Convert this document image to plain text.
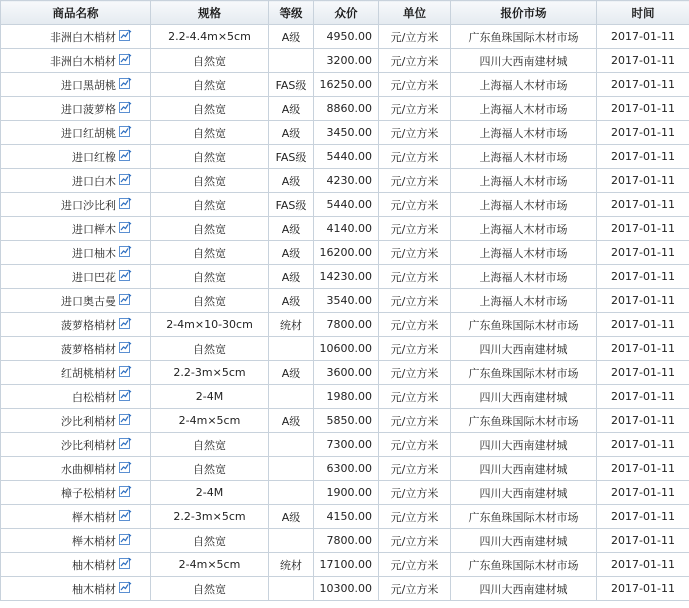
商品名称	规格	等级	众价	单位	报价市场	时间
非洲白木梢材	2.2-4.4m×5cm	A级	4950.00	元/立方米	广东鱼珠国际木材市场	2017-01-11
非洲白木梢材	自然宽		3200.00	元/立方米	四川大西南建材城	2017-01-11
进口黑胡桃	自然宽	FAS级	16250.00	元/立方米	上海福人木材市场	2017-01-11
进口菠萝格	自然宽	A级	8860.00	元/立方米	上海福人木材市场	2017-01-11
进口红胡桃	自然宽	A级	3450.00	元/立方米	上海福人木材市场	2017-01-11
进口红橡	自然宽	FAS级	5440.00	元/立方米	上海福人木材市场	2017-01-11
进口白木	自然宽	A级	4230.00	元/立方米	上海福人木材市场	2017-01-11
进口沙比利	自然宽	FAS级	5440.00	元/立方米	上海福人木材市场	2017-01-11
进口榉木	自然宽	A级	4140.00	元/立方米	上海福人木材市场	2017-01-11
进口柚木	自然宽	A级	16200.00	元/立方米	上海福人木材市场	2017-01-11
进口巴花	自然宽	A级	14230.00	元/立方米	上海福人木材市场	2017-01-11
进口奥古曼	自然宽	A级	3540.00	元/立方米	上海福人木材市场	2017-01-11
菠萝格梢材	2-4m×10-30cm	统材	7800.00	元/立方米	广东鱼珠国际木材市场	2017-01-11
菠萝格梢材	自然宽		10600.00	元/立方米	四川大西南建材城	2017-01-11
红胡桃梢材	2.2-3m×5cm	A级	3600.00	元/立方米	广东鱼珠国际木材市场	2017-01-11
白松梢材	2-4M		1980.00	元/立方米	四川大西南建材城	2017-01-11
沙比利梢材	2-4m×5cm	A级	5850.00	元/立方米	广东鱼珠国际木材市场	2017-01-11
沙比利梢材	自然宽		7300.00	元/立方米	四川大西南建材城	2017-01-11
水曲柳梢材	自然宽		6300.00	元/立方米	四川大西南建材城	2017-01-11
樟子松梢材	2-4M		1900.00	元/立方米	四川大西南建材城	2017-01-11
榉木梢材	2.2-3m×5cm	A级	4150.00	元/立方米	广东鱼珠国际木材市场	2017-01-11
榉木梢材	自然宽		7800.00	元/立方米	四川大西南建材城	2017-01-11
柚木梢材	2-4m×5cm	统材	17100.00	元/立方米	广东鱼珠国际木材市场	2017-01-11
柚木梢材	自然宽		10300.00	元/立方米	四川大西南建材城	2017-01-11
